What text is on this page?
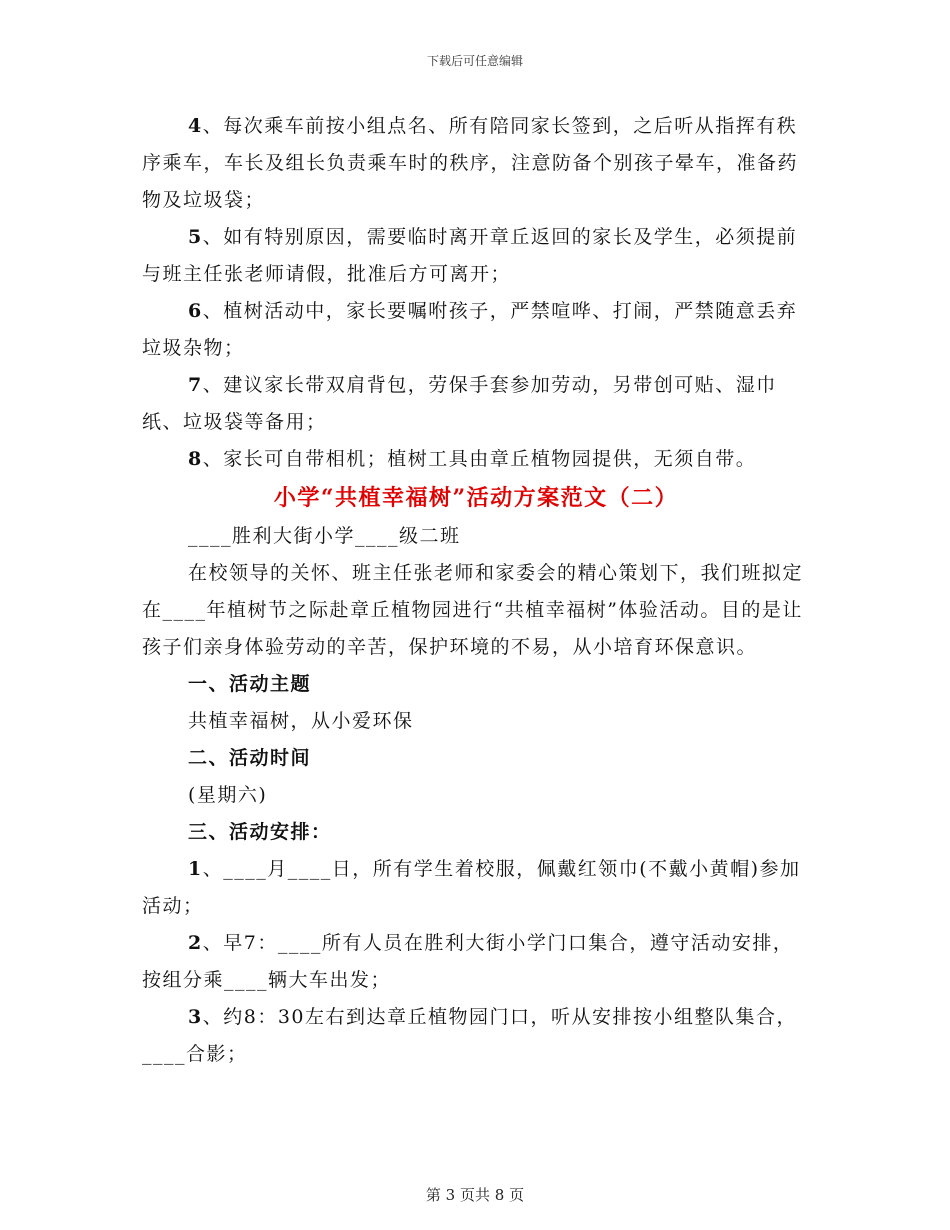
下载后可任意编辑

4、每次乘车前按小组点名、所有陪同家长签到，之后听从指挥有秩序乘车，车长及组长负责乘车时的秩序，注意防备个别孩子晕车，准备药物及垃圾袋；

5、如有特别原因，需要临时离开章丘返回的家长及学生，必须提前与班主任张老师请假，批准后方可离开；

6、植树活动中，家长要嘱咐孩子，严禁喧哗、打闹，严禁随意丢弃垃圾杂物；

7、建议家长带双肩背包，劳保手套参加劳动，另带创可贴、湿巾纸、垃圾袋等备用；

8、家长可自带相机；植树工具由章丘植物园提供，无须自带。

小学“共植幸福树”活动方案范文（二）

____胜利大街小学____级二班

在校领导的关怀、班主任张老师和家委会的精心策划下，我们班拟定在____年植树节之际赴章丘植物园进行“共植幸福树”体验活动。目的是让孩子们亲身体验劳动的辛苦，保护环境的不易，从小培育环保意识。

一、活动主题

共植幸福树，从小爱环保

二、活动时间

(星期六)

三、活动安排：

1、____月____日，所有学生着校服，佩戴红领巾(不戴小黄帽)参加活动；

2、早7：____所有人员在胜利大街小学门口集合，遵守活动安排，按组分乘____辆大车出发；

3、约8：30左右到达章丘植物园门口，听从安排按小组整队集合，____合影；

第 3 页共 8 页
